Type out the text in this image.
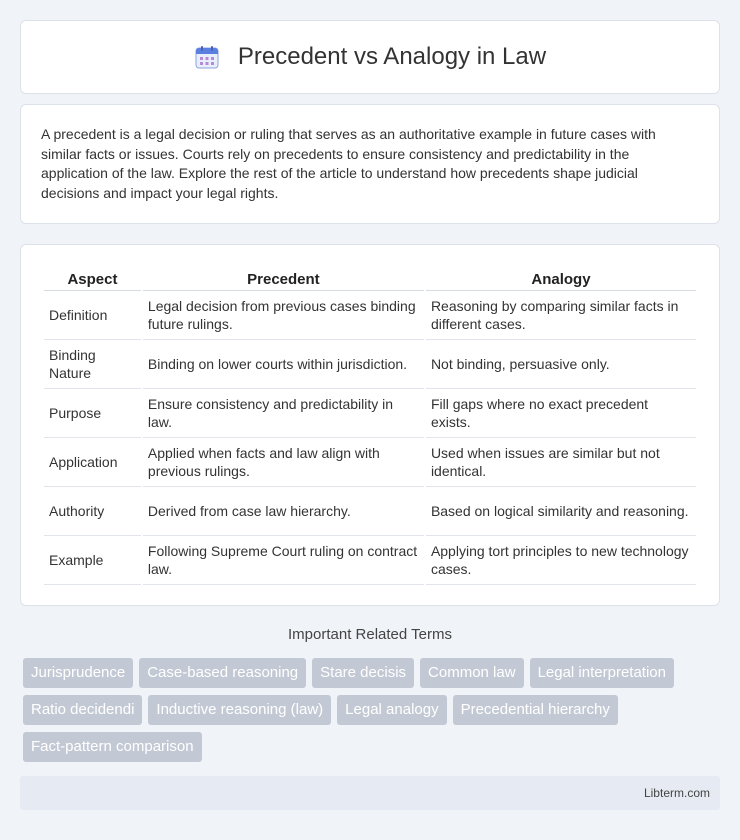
Precedent vs Analogy in Law

A precedent is a legal decision or ruling that serves as an authoritative example in future cases with similar facts or issues. Courts rely on precedents to ensure consistency and predictability in the application of the law. Explore the rest of the article to understand how precedents shape judicial decisions and impact your legal rights.

Aspect	Precedent	Analogy
Definition	Legal decision from previous cases binding future rulings.	Reasoning by comparing similar facts in different cases.
Binding Nature	Binding on lower courts within jurisdiction.	Not binding, persuasive only.
Purpose	Ensure consistency and predictability in law.	Fill gaps where no exact precedent exists.
Application	Applied when facts and law align with previous rulings.	Used when issues are similar but not identical.
Authority	Derived from case law hierarchy.	Based on logical similarity and reasoning.
Example	Following Supreme Court ruling on contract law.	Applying tort principles to new technology cases.
Important Related Terms
Jurisprudence	Case-based reasoning	Stare decisis	Common law	Legal interpretation
Ratio decidendi	Inductive reasoning (law)	Legal analogy	Precedential hierarchy
Fact-pattern comparison
Libterm.com
